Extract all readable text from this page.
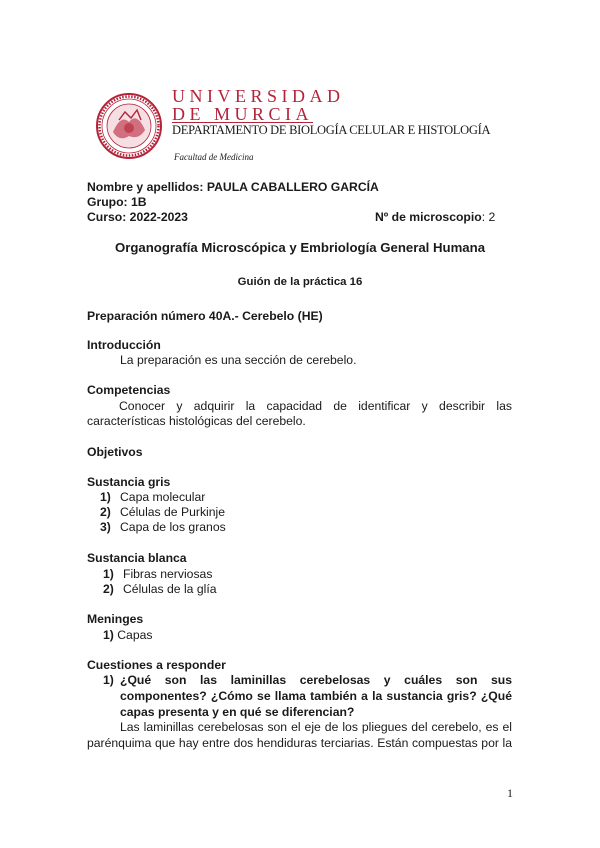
UNIVERSIDAD
DE MURCIA
DEPARTAMENTO DE BIOLOGÍA CELULAR E HISTOLOGÍA
Facultad de Medicina
Nombre y apellidos: PAULA CABALLERO GARCÍA
Grupo: 1B
Curso: 2022-2023	Nº de microscopio: 2
Organografía Microscópica y Embriología General Humana
Guión de la práctica 16
Preparación número 40A.- Cerebelo (HE)
Introducción
La preparación es una sección de cerebelo.
Competencias
Conocer y adquirir la capacidad de identificar y describir las
características histológicas del cerebelo.
Objetivos
Sustancia gris
1) Capa molecular
2) Células de Purkinje
3) Capa de los granos
Sustancia blanca
1) Fibras nerviosas
2) Células de la glía
Meninges
1) Capas
Cuestiones a responder
1) ¿Qué son las laminillas cerebelosas y cuáles son sus
componentes? ¿Cómo se llama también a la sustancia gris? ¿Qué
capas presenta y en qué se diferencian?
Las laminillas cerebelosas son el eje de los pliegues del cerebelo, es el
parénquima que hay entre dos hendiduras terciarias. Están compuestas por la
1
